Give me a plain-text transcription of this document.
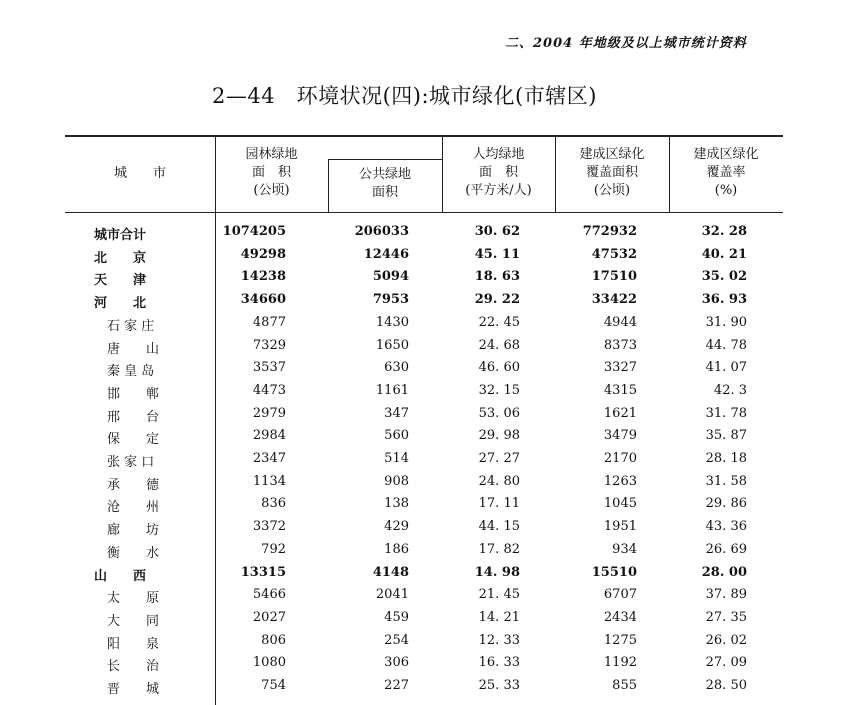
二、2004 年地级及以上城市统计资料
2—44　环境状况(四):城市绿化(市辖区)
城　　市
园林绿地
面　积
(公顷)
公共绿地
面积
人均绿地
面　积
(平方米/人)
建成区绿化
覆盖面积
(公顷)
建成区绿化
覆盖率
(%)
城市合计	1074205	206033	30. 62	772932	32. 28
北　　京	49298	12446	45. 11	47532	40. 21
天　　津	14238	5094	18. 63	17510	35. 02
河　　北	34660	7953	29. 22	33422	36. 93
石 家 庄	4877	1430	22. 45	4944	31. 90
唐　　山	7329	1650	24. 68	8373	44. 78
秦 皇 岛	3537	630	46. 60	3327	41. 07
邯　　郸	4473	1161	32. 15	4315	42. 3
邢　　台	2979	347	53. 06	1621	31. 78
保　　定	2984	560	29. 98	3479	35. 87
张 家 口	2347	514	27. 27	2170	28. 18
承　　德	1134	908	24. 80	1263	31. 58
沧　　州	836	138	17. 11	1045	29. 86
廊　　坊	3372	429	44. 15	1951	43. 36
衡　　水	792	186	17. 82	934	26. 69
山　　西	13315	4148	14. 98	15510	28. 00
太　　原	5466	2041	21. 45	6707	37. 89
大　　同	2027	459	14. 21	2434	27. 35
阳　　泉	806	254	12. 33	1275	26. 02
长　　治	1080	306	16. 33	1192	27. 09
晋　　城	754	227	25. 33	855	28. 50
